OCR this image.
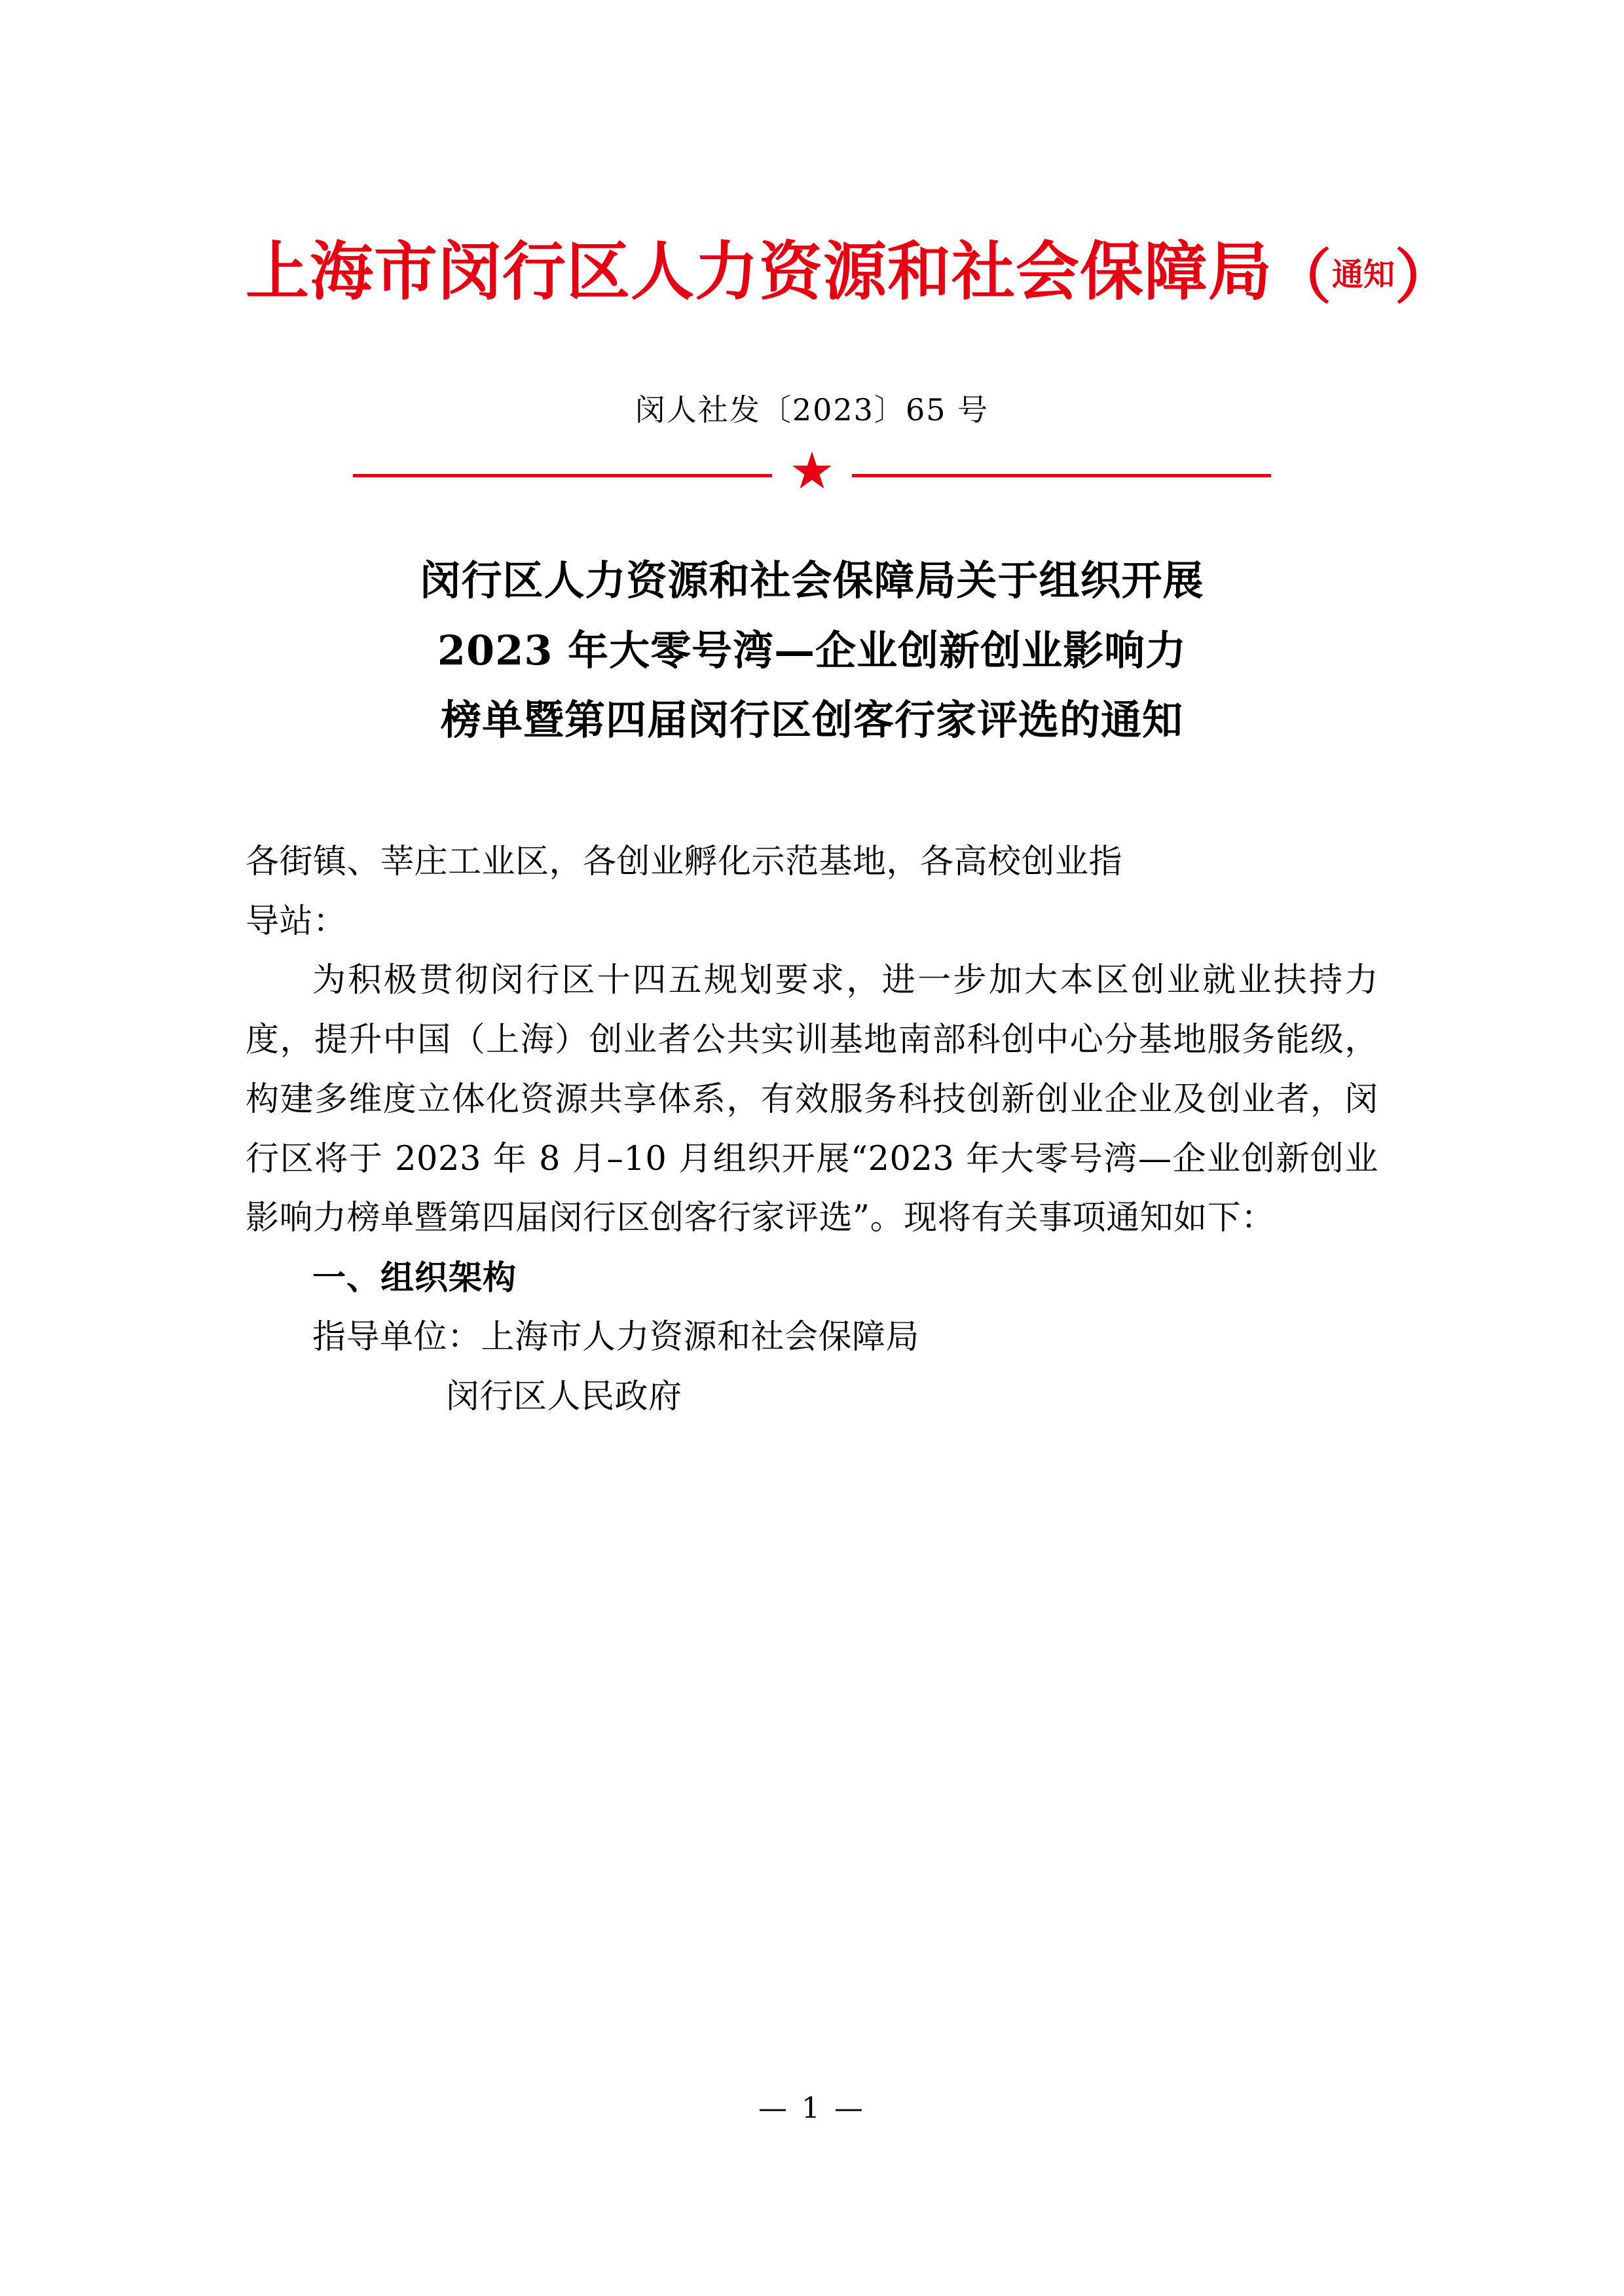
上海市闵行区人力资源和社会保障局（通知）
闵人社发〔2023〕65 号
★
闵行区人力资源和社会保障局关于组织开展
2023 年大零号湾—企业创新创业影响力
榜单暨第四届闵行区创客行家评选的通知

各街镇、莘庄工业区，各创业孵化示范基地，各高校创业指

导站：

为积极贯彻闵行区十四五规划要求，进一步加大本区创业就业扶持力度，提升中国（上海）创业者公共实训基地南部科创中心分基地服务能级，构建多维度立体化资源共享体系，有效服务科技创新创业企业及创业者，闵行区将于 2023 年 8 月–10 月组织开展“2023 年大零号湾—企业创新创业影响力榜单暨第四届闵行区创客行家评选”。现将有关事项通知如下：

一、组织架构

指导单位：上海市人力资源和社会保障局

闵行区人民政府

— 1 —
